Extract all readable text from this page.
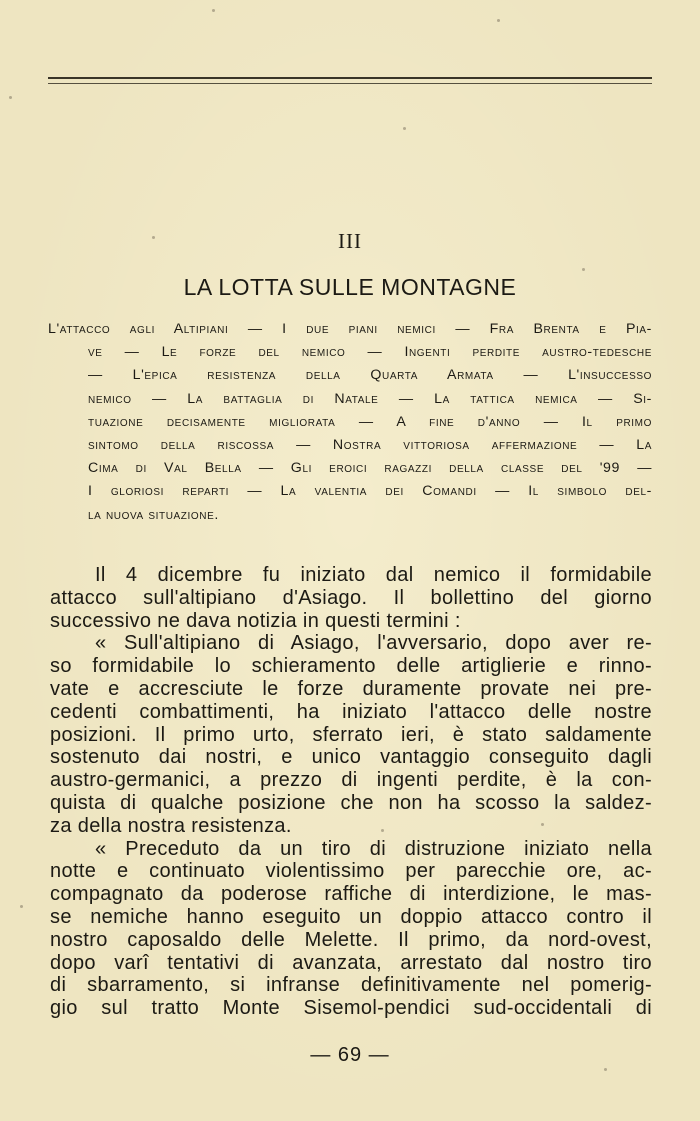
III
LA LOTTA SULLE MONTAGNE
L'attacco agli Altipiani — I due piani nemici — Fra Brenta e Pia-
ve — Le forze del nemico — Ingenti perdite austro-tedesche
— L'epica resistenza della Quarta Armata — L'insuccesso
nemico — La battaglia di Natale — La tattica nemica — Si-
tuazione decisamente migliorata — A fine d'anno — Il primo
sintomo della riscossa — Nostra vittoriosa affermazione — La
Cima di Val Bella — Gli eroici ragazzi della classe del '99 —
I gloriosi reparti — La valentia dei Comandi — Il simbolo del-
la nuova situazione.
Il 4 dicembre fu iniziato dal nemico il formidabile
attacco sull'altipiano d'Asiago. Il bollettino del giorno
successivo ne dava notizia in questi termini :
« Sull'altipiano di Asiago, l'avversario, dopo aver re-
so formidabile lo schieramento delle artiglierie e rinno-
vate e accresciute le forze duramente provate nei pre-
cedenti combattimenti, ha iniziato l'attacco delle nostre
posizioni. Il primo urto, sferrato ieri, è stato saldamente
sostenuto dai nostri, e unico vantaggio conseguito dagli
austro-germanici, a prezzo di ingenti perdite, è la con-
quista di qualche posizione che non ha scosso la saldez-
za della nostra resistenza.
« Preceduto da un tiro di distruzione iniziato nella
notte e continuato violentissimo per parecchie ore, ac-
compagnato da poderose raffiche di interdizione, le mas-
se nemiche hanno eseguito un doppio attacco contro il
nostro caposaldo delle Melette. Il primo, da nord-ovest,
dopo varî tentativi di avanzata, arrestato dal nostro tiro
di sbarramento, si infranse definitivamente nel pomerig-
gio sul tratto Monte Sisemol-pendici sud-occidentali di
— 69 —
